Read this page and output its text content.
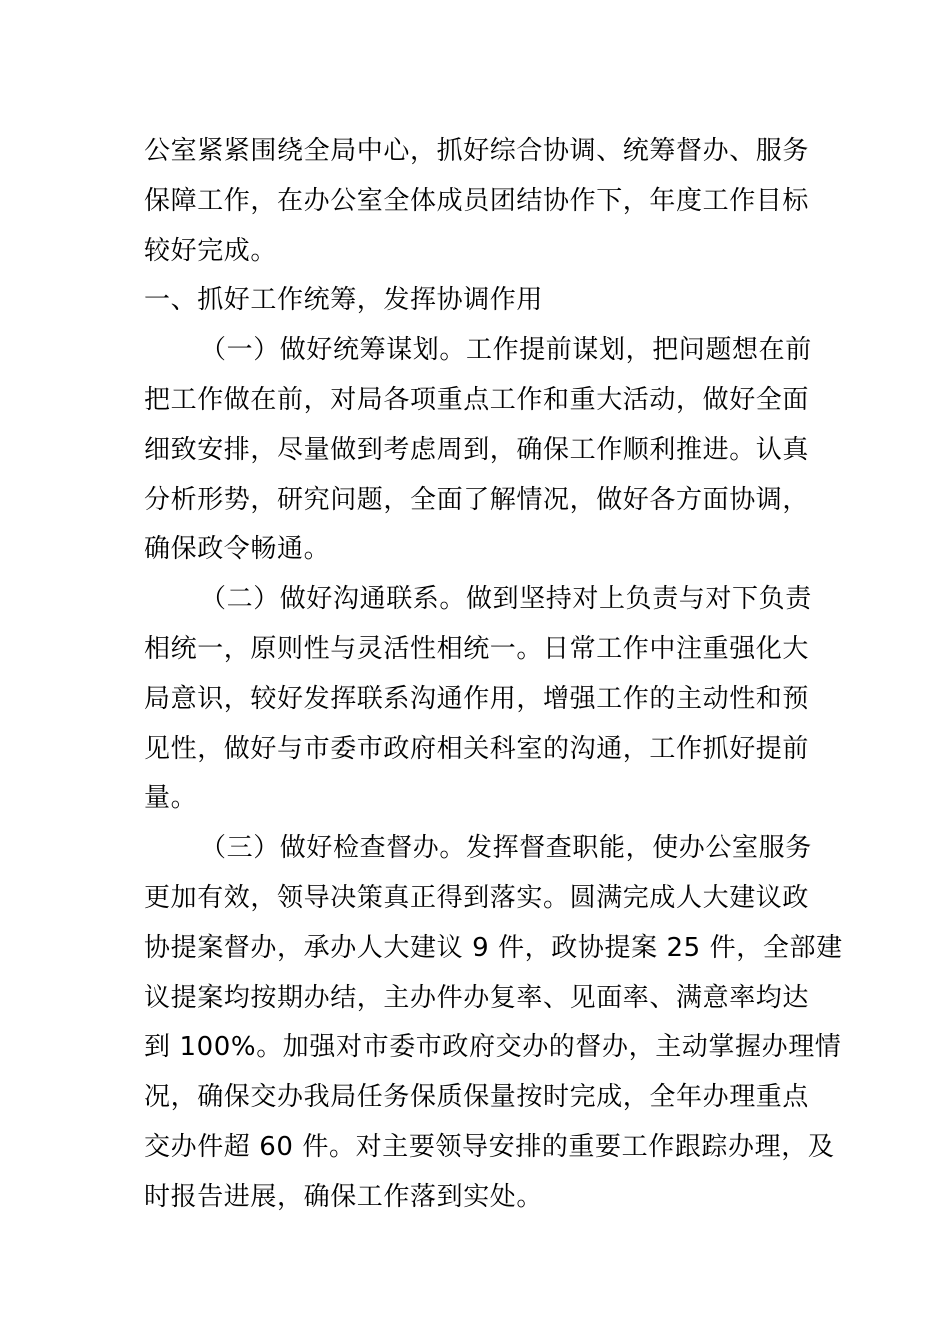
公室紧紧围绕全局中心，抓好综合协调、统筹督办、服务
保障工作，在办公室全体成员团结协作下，年度工作目标
较好完成。
一、抓好工作统筹，发挥协调作用
（一）做好统筹谋划。工作提前谋划，把问题想在前
把工作做在前，对局各项重点工作和重大活动，做好全面
细致安排，尽量做到考虑周到，确保工作顺利推进。认真
分析形势，研究问题，全面了解情况，做好各方面协调，
确保政令畅通。
（二）做好沟通联系。做到坚持对上负责与对下负责
相统一，原则性与灵活性相统一。日常工作中注重强化大
局意识，较好发挥联系沟通作用，增强工作的主动性和预
见性，做好与市委市政府相关科室的沟通，工作抓好提前
量。
（三）做好检查督办。发挥督查职能，使办公室服务
更加有效，领导决策真正得到落实。圆满完成人大建议政
协提案督办，承办人大建议 9 件，政协提案 25 件，全部建
议提案均按期办结，主办件办复率、见面率、满意率均达
到 100%。加强对市委市政府交办的督办，主动掌握办理情
况，确保交办我局任务保质保量按时完成，全年办理重点
交办件超 60 件。对主要领导安排的重要工作跟踪办理，及
时报告进展，确保工作落到实处。
